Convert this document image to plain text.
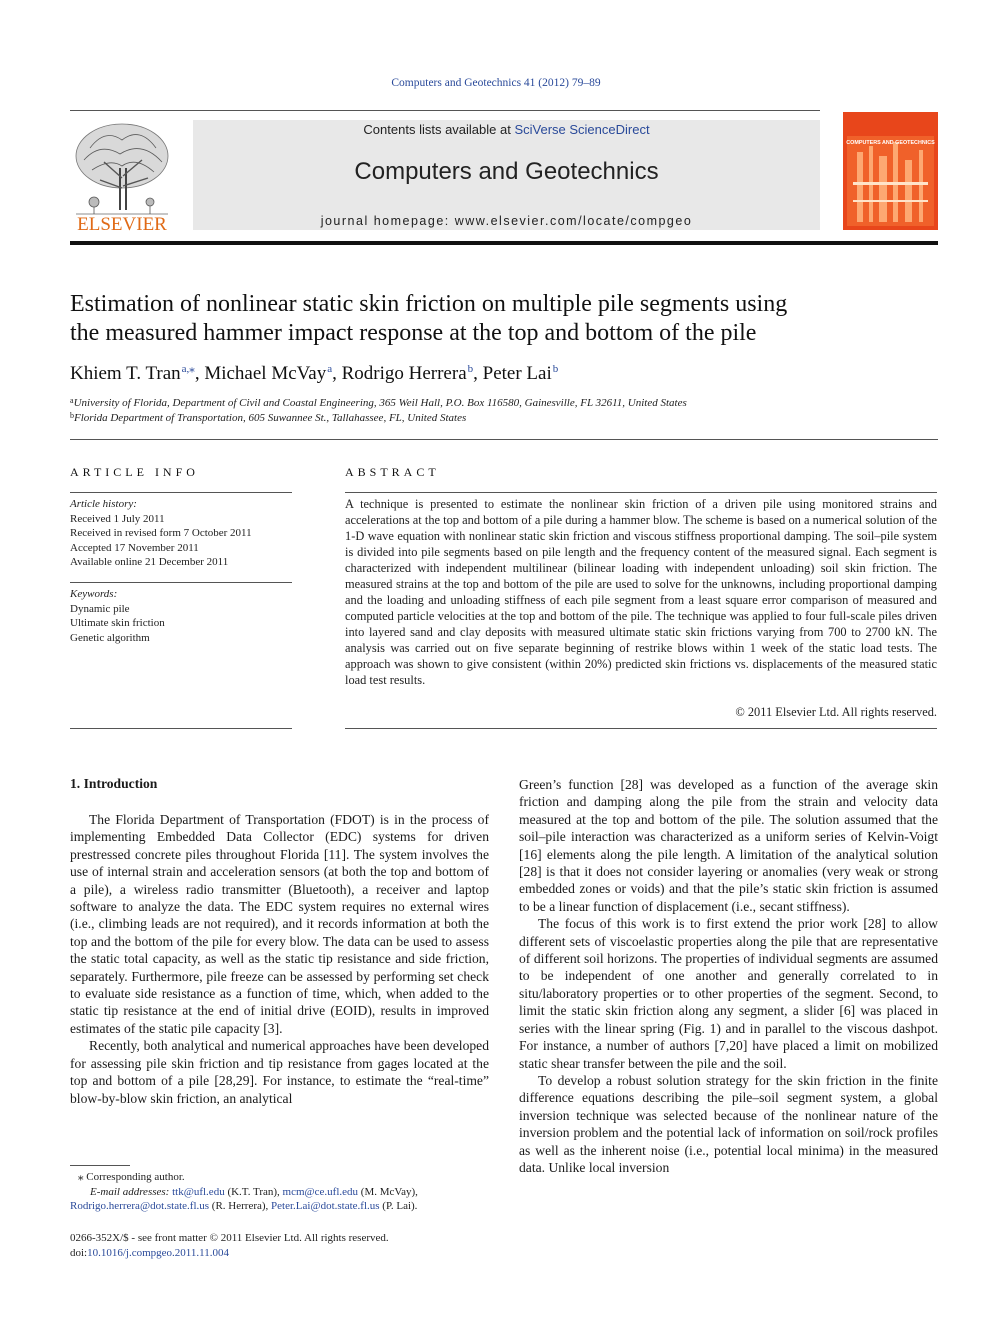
Computers and Geotechnics 41 (2012) 79–89
ELSEVIER
Contents lists available at SciVerse ScienceDirect
Computers and Geotechnics
journal homepage: www.elsevier.com/locate/compgeo
COMPUTERS AND GEOTECHNICS
Estimation of nonlinear static skin friction on multiple pile segments using
the measured hammer impact response at the top and bottom of the pile
Khiem T. Tran$^{a,⁎}$, Michael McVay$^a$, Rodrigo Herrera$^b$, Peter Lai$^b$
$^a$University of Florida, Department of Civil and Coastal Engineering, 365 Weil Hall, P.O. Box 116580, Gainesville, FL 32611, United States
$^b$Florida Department of Transportation, 605 Suwannee St., Tallahassee, FL, United States
ARTICLE INFO
Article history:
Received 1 July 2011
Received in revised form 7 October 2011
Accepted 17 November 2011
Available online 21 December 2011
Keywords:
Dynamic pile
Ultimate skin friction
Genetic algorithm
ABSTRACT
A technique is presented to estimate the nonlinear skin friction of a driven pile using monitored strains and accelerations at the top and bottom of a pile during a hammer blow. The scheme is based on a numerical solution of the 1-D wave equation with nonlinear static skin friction and viscous stiffness proportional damping. The soil–pile system is divided into pile segments based on pile length and the frequency content of the measured signal. Each segment is characterized with independent multilinear (bilinear loading with independent unloading) soil skin friction. The measured strains at the top and bottom of the pile are used to solve for the unknowns, including proportional damping and the loading and unloading stiffness of each pile segment from a least square error comparison of measured and computed particle velocities at the top and bottom of the pile. The technique was applied to four full-scale piles driven into layered sand and clay deposits with measured ultimate static skin frictions varying from 700 to 2700 kN. The analysis was carried out on five separate beginning of restrike blows within 1 week of the static load tests. The approach was shown to give consistent (within 20%) predicted skin frictions vs. displacements of the measured static load test results.
© 2011 Elsevier Ltd. All rights reserved.
1. Introduction

The Florida Department of Transportation (FDOT) is in the process of implementing Embedded Data Collector (EDC) systems for driven prestressed concrete piles throughout Florida [11]. The system involves the use of internal strain and acceleration sensors (at both the top and bottom of a pile), a wireless radio transmitter (Bluetooth), a receiver and laptop software to analyze the data. The EDC system requires no external wires (i.e., climbing leads are not required), and it records information at both the top and the bottom of the pile for every blow. The data can be used to assess the static total capacity, as well as the static tip resistance and side friction, separately. Furthermore, pile freeze can be assessed by performing set check to evaluate side resistance as a function of time, which, when added to the static tip resistance at the end of initial drive (EOID), results in improved estimates of the static pile capacity [3].

Recently, both analytical and numerical approaches have been developed for assessing pile skin friction and tip resistance from gages located at the top and bottom of a pile [28,29]. For instance, to estimate the “real-time” blow-by-blow skin friction, an analytical

Green’s function [28] was developed as a function of the average skin friction and damping along the pile from the strain and velocity data measured at the top and bottom of the pile. The solution assumed that the soil–pile interaction was characterized as a uniform series of Kelvin-Voigt [16] elements along the pile length. A limitation of the analytical solution [28] is that it does not consider layering or anomalies (very weak or strong embedded zones or voids) and that the pile’s static skin friction is assumed to be a linear function of displacement (i.e., secant stiffness).

The focus of this work is to first extend the prior work [28] to allow different sets of viscoelastic properties along the pile that are representative of different soil horizons. The properties of individual segments are assumed to be independent of one another and generally correlated to in situ/laboratory properties or to other properties of the segment. Second, to limit the static skin friction along any segment, a slider [6] was placed in series with the linear spring (Fig. 1) and in parallel to the viscous dashpot. For instance, a number of authors [7,20] have placed a limit on mobilized static shear transfer between the pile and the soil.

To develop a robust solution strategy for the skin friction in the finite difference equations describing the pile–soil segment system, a global inversion technique was selected because of the nonlinear nature of the inversion problem and the potential lack of information on soil/rock profiles as well as the inherent noise (i.e., potential local minima) in the measured data. Unlike local inversion

⁎ Corresponding author.
E-mail addresses: ttk@ufl.edu (K.T. Tran), mcm@ce.ufl.edu (M. McVay),
Rodrigo.herrera@dot.state.fl.us (R. Herrera), Peter.Lai@dot.state.fl.us (P. Lai).
0266-352X/$ - see front matter © 2011 Elsevier Ltd. All rights reserved.
doi:10.1016/j.compgeo.2011.11.004
